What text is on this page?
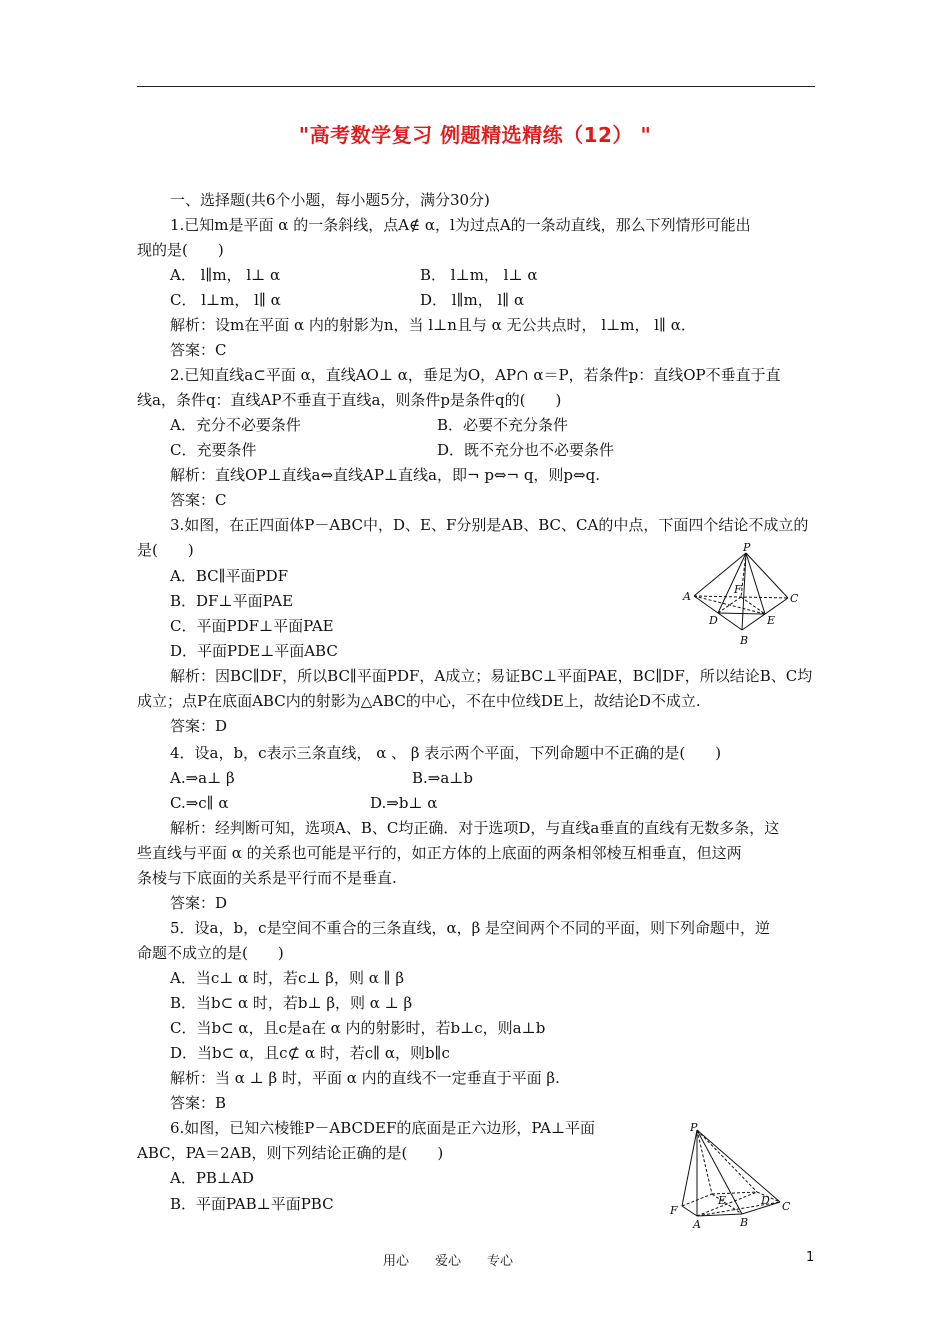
"高考数学复习 例题精选精练（12） "
一、选择题(共6个小题，每小题5分，满分30分)
1.已知m是平面 α 的一条斜线，点A∉ α，l为过点A的一条动直线，那么下列情形可能出
现的是(　　)
A． l∥m， l⊥ α	B． l⊥m， l⊥ α
C． l⊥m， l∥ α	D． l∥m， l∥ α
解析：设m在平面 α 内的射影为n，当 l⊥n且与 α 无公共点时， l⊥m， l∥ α．
答案：C
2.已知直线a⊂平面 α，直线AO⊥ α，垂足为O，AP∩ α＝P，若条件p：直线OP不垂直于直
线a，条件q：直线AP不垂直于直线a，则条件p是条件q的(　　)
A．充分不必要条件	B．必要不充分条件
C．充要条件	D．既不充分也不必要条件
解析：直线OP⊥直线a⇔直线AP⊥直线a，即¬ p⇔¬ q，则p⇔q.
答案：C
3.如图，在正四面体P－ABC中，D、E、F分别是AB、BC、CA的中点，下面四个结论不成立的
是(　　)
A．BC∥平面PDF
B．DF⊥平面PAE
C．平面PDF⊥平面PAE
D．平面PDE⊥平面ABC
解析：因BC∥DF，所以BC∥平面PDF，A成立；易证BC⊥平面PAE，BC∥DF，所以结论B、C均
成立；点P在底面ABC内的射影为△ABC的中心，不在中位线DE上，故结论D不成立.
答案：D
P
A
F
C
D	E
B
4．设a，b，c表示三条直线， α 、 β 表示两个平面，下列命题中不正确的是(　　)
A.⇒a⊥ β	B.⇒a⊥b
C.⇒c∥ α	D.⇒b⊥ α
解析：经判断可知，选项A、B、C均正确．对于选项D，与直线a垂直的直线有无数多条，这
些直线与平面 α 的关系也可能是平行的，如正方体的上底面的两条相邻棱互相垂直，但这两
条棱与下底面的关系是平行而不是垂直.
答案：D
5．设a，b，c是空间不重合的三条直线，α，β 是空间两个不同的平面，则下列命题中，逆
命题不成立的是(　　)
A．当c⊥ α 时，若c⊥ β，则 α ∥ β
B．当b⊂ α 时，若b⊥ β，则 α ⊥ β
C．当b⊂ α，且c是a在 α 内的射影时，若b⊥c，则a⊥b
D．当b⊂ α，且c⊄ α 时，若c∥ α，则b∥c
解析：当 α ⊥ β 时，平面 α 内的直线不一定垂直于平面 β.
答案：B
6.如图，已知六棱锥P－ABCDEF的底面是正六边形，PA⊥平面
ABC，PA＝2AB，则下列结论正确的是(　　)
A．PB⊥AD
B．平面PAB⊥平面PBC
P
E	D
F
A	B
C
用心　　爱心　　专心	1
